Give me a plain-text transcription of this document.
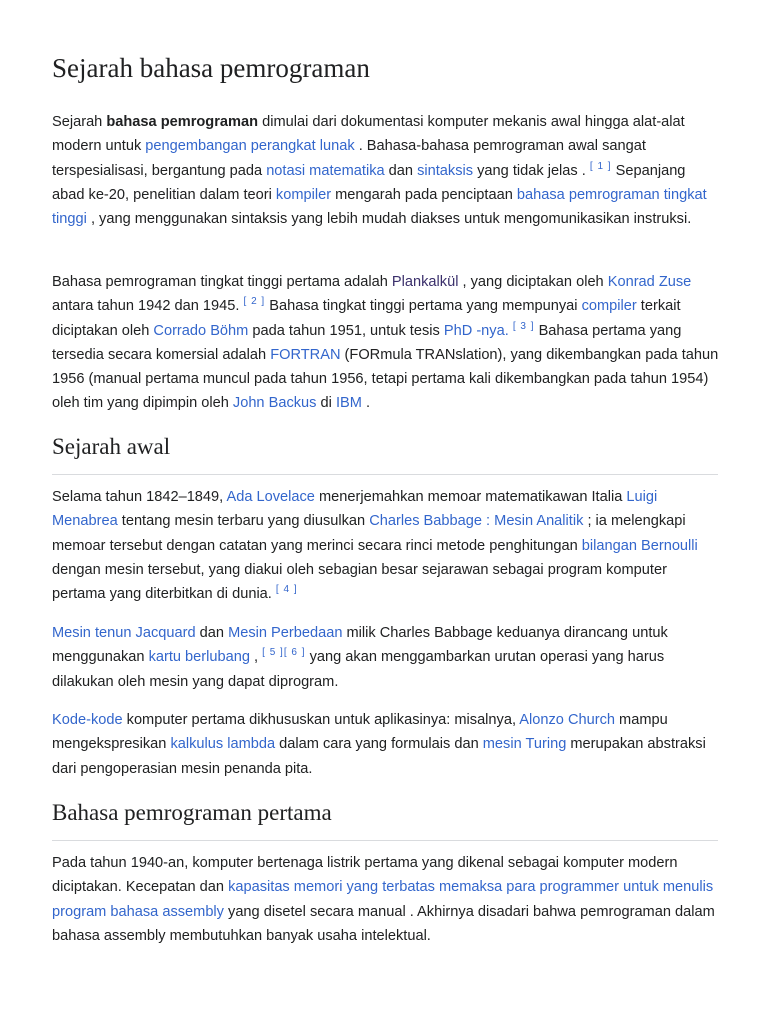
Sejarah bahasa pemrograman

Sejarah bahasa pemrograman dimulai dari dokumentasi komputer mekanis awal hingga alat-alat modern untuk pengembangan perangkat lunak . Bahasa-bahasa pemrograman awal sangat terspesialisasi, bergantung pada notasi matematika dan sintaksis yang tidak jelas . [ 1 ] Sepanjang abad ke-20, penelitian dalam teori kompiler mengarah pada penciptaan bahasa pemrograman tingkat tinggi , yang menggunakan sintaksis yang lebih mudah diakses untuk mengomunikasikan instruksi.

Bahasa pemrograman tingkat tinggi pertama adalah Plankalkül , yang diciptakan oleh Konrad Zuse antara tahun 1942 dan 1945. [ 2 ] Bahasa tingkat tinggi pertama yang mempunyai compiler terkait diciptakan oleh Corrado Böhm pada tahun 1951, untuk tesis PhD -nya. [ 3 ] Bahasa pertama yang tersedia secara komersial adalah FORTRAN (FORmula TRANslation), yang dikembangkan pada tahun 1956 (manual pertama muncul pada tahun 1956, tetapi pertama kali dikembangkan pada tahun 1954) oleh tim yang dipimpin oleh John Backus di IBM .

Sejarah awal

Selama tahun 1842–1849, Ada Lovelace menerjemahkan memoar matematikawan Italia Luigi Menabrea tentang mesin terbaru yang diusulkan Charles Babbage : Mesin Analitik ; ia melengkapi memoar tersebut dengan catatan yang merinci secara rinci metode penghitungan bilangan Bernoulli dengan mesin tersebut, yang diakui oleh sebagian besar sejarawan sebagai program komputer pertama yang diterbitkan di dunia. [ 4 ]

Mesin tenun Jacquard dan Mesin Perbedaan milik Charles Babbage keduanya dirancang untuk menggunakan kartu berlubang , [ 5 ][ 6 ] yang akan menggambarkan urutan operasi yang harus dilakukan oleh mesin yang dapat diprogram.

Kode-kode komputer pertama dikhususkan untuk aplikasinya: misalnya, Alonzo Church mampu mengekspresikan kalkulus lambda dalam cara yang formulais dan mesin Turing merupakan abstraksi dari pengoperasian mesin penanda pita.

Bahasa pemrograman pertama

Pada tahun 1940-an, komputer bertenaga listrik pertama yang dikenal sebagai komputer modern diciptakan. Kecepatan dan kapasitas memori yang terbatas memaksa para programmer untuk menulis program bahasa assembly yang disetel secara manual . Akhirnya disadari bahwa pemrograman dalam bahasa assembly membutuhkan banyak usaha intelektual.
